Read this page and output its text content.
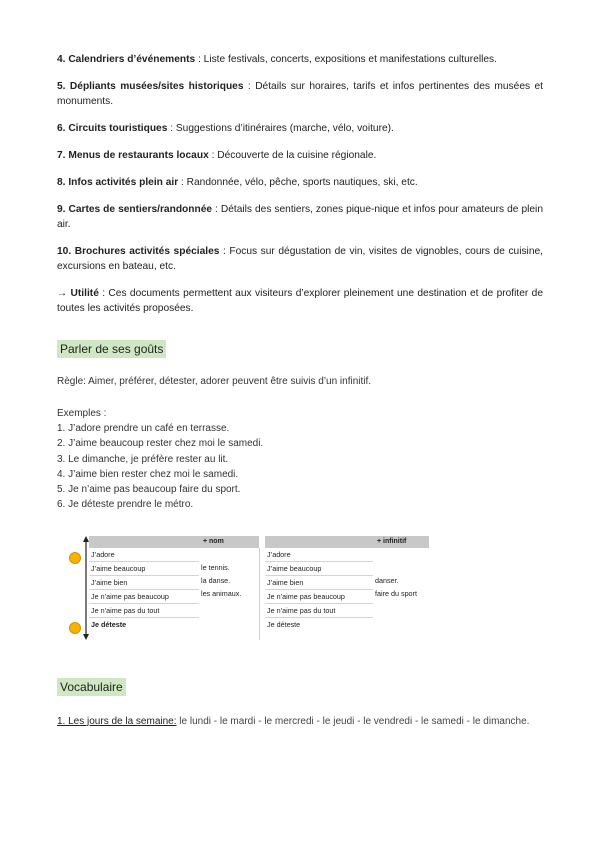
4. Calendriers d’événements : Liste festivals, concerts, expositions et manifestations culturelles.

5. Dépliants musées/sites historiques : Détails sur horaires, tarifs et infos pertinentes des musées et monuments.

6. Circuits touristiques : Suggestions d’itinéraires (marche, vélo, voiture).

7. Menus de restaurants locaux : Découverte de la cuisine régionale.

8. Infos activités plein air : Randonnée, vélo, pêche, sports nautiques, ski, etc.

9. Cartes de sentiers/randonnée : Détails des sentiers, zones pique-nique et infos pour amateurs de plein air.

10. Brochures activités spéciales : Focus sur dégustation de vin, visites de vignobles, cours de cuisine, excursions en bateau, etc.

→ Utilité : Ces documents permettent aux visiteurs d’explorer pleinement une destination et de profiter de toutes les activités proposées.

Parler de ses goûts

Règle: Aimer, préférer, détester, adorer peuvent être suivis d’un infinitif.

Exemples :

1. J’adore prendre un café en terrasse.
2. J’aime beaucoup rester chez moi le samedi.
3. Le dimanche, je préfère rester au lit.
4. J’aime bien rester chez moi le samedi.
5. Je n’aime pas beaucoup faire du sport.
6. Je déteste prendre le métro.

J’adore
J’aime beaucoup
J’aime bien
Je n’aime pas beaucoup
Je n’aime pas du tout
Je déteste
+ nom

le tennis.
la danse.
les animaux.

J’adore
J’aime beaucoup
J’aime bien
Je n’aime pas beaucoup
Je n’aime pas du tout
Je déteste
+ infinitif

danser.
faire du sport
Vocabulaire

1. Les jours de la semaine: le lundi - le mardi - le mercredi - le jeudi - le vendredi - le samedi - le dimanche.
